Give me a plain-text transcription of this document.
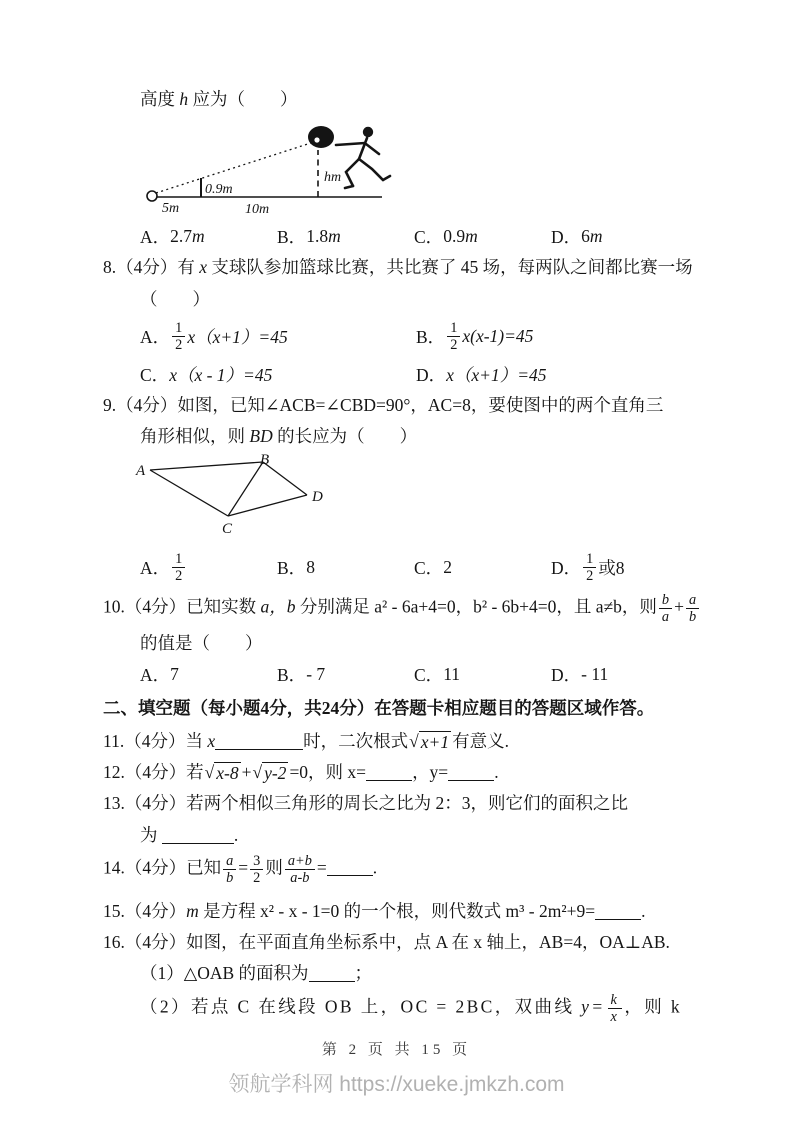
高度 h 应为（　　）

0.9m
5m	10m
hm
A． 2.7 m	B． 1.8 m	C． 0.9 m	D． 6 m

8.（4分）有 x 支球队参加篮球比赛，共比赛了 45 场，每两队之间都比赛一场

（　　）

A． $\frac{1}{2} x(x+1)=45$	B． $\frac{1}{2} x(x-1)=45$
C． x（x - 1）=45	D． x（x+1）=45

9.（4分）如图，已知∠ACB=∠CBD=90°，AC=8，要使图中的两个直角三

角形相似，则 BD 的长应为（　　）

A
B
C
D
A． $\frac{1}{2}$	B． 8	C． 2	D． $\frac{1}{2}$ 或8

10.（4分）已知实数 a，b 分别满足 a² - 6a+4=0，b² - 6b+4=0，且 a≠b，则 $\frac{b}{a} + \frac{a}{b}$

的值是（　　）

A． 7	B． - 7	C． 11	D． - 11

二、填空题（每小题4分，共24分）在答题卡相应题目的答题区域作答。

11.（4分）当 x	时，二次根式 √ x+1 有意义.

12.（4分）若 √ x-8 + √ y-2 =0，则 x=	，y=	.

13.（4分）若两个相似三角形的周长之比为 2：3，则它们的面积之比

为	.

14.（4分）已知 $\frac{a}{b} = \frac{3}{2}$ 则 $\frac{a+b}{a-b}$ =	.

15.（4分）m 是方程 x² - x - 1=0 的一个根，则代数式 m³ - 2m²+9=	.

16.（4分）如图，在平面直角坐标系中，点 A 在 x 轴上，AB=4，OA⊥AB.

（1）△OAB 的面积为	；

（2）若点 C 在线段 OB 上，OC = 2BC，双曲线 $y= \frac{k}{x}$ ，则 k

第 2 页 共 15 页
领航学科网 https://xueke.jmkzh.com
